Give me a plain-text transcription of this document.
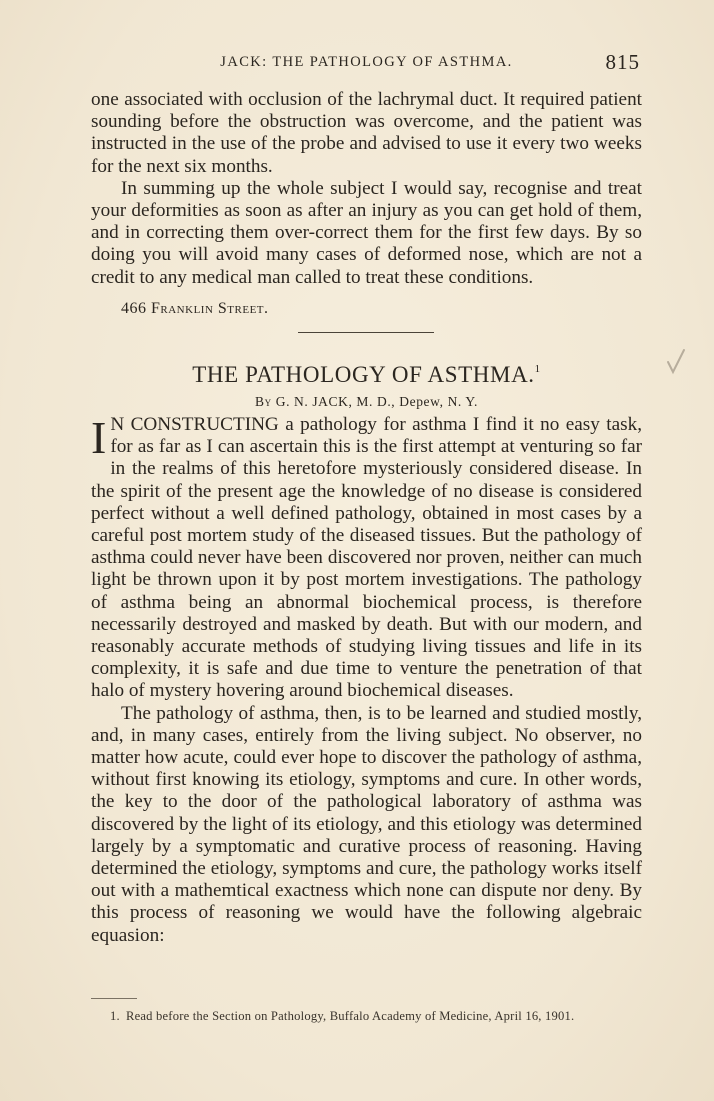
JACK: THE PATHOLOGY OF ASTHMA.	815

one associated with occlusion of the lachrymal duct. It required patient sounding before the obstruction was overcome, and the patient was instructed in the use of the probe and advised to use it every two weeks for the next six months.

In summing up the whole subject I would say, recognise and treat your deformities as soon as after an injury as you can get hold of them, and in correcting them over-correct them for the first few days. By so doing you will avoid many cases of deformed nose, which are not a credit to any medical man called to treat these conditions.

466 Franklin Street.
THE PATHOLOGY OF ASTHMA.$^1$
By G. N. JACK, M. D., Depew, N. Y.

I N CONSTRUCTING a pathology for asthma I find it no easy task, for as far as I can ascertain this is the first attempt at venturing so far in the realms of this heretofore mysteriously considered disease. In the spirit of the present age the knowledge of no disease is considered perfect without a well defined pathology, obtained in most cases by a careful post mortem study of the diseased tissues. But the pathology of asthma could never have been discovered nor proven, neither can much light be thrown upon it by post mortem investigations. The pathology of asthma being an abnormal biochemical process, is therefore necessarily destroyed and masked by death. But with our modern, and reasonably accurate methods of studying living tissues and life in its complexity, it is safe and due time to venture the penetration of that halo of mystery hovering around biochemical diseases.

The pathology of asthma, then, is to be learned and studied mostly, and, in many cases, entirely from the living subject. No observer, no matter how acute, could ever hope to discover the pathology of asthma, without first knowing its etiology, symptoms and cure. In other words, the key to the door of the pathological laboratory of asthma was discovered by the light of its etiology, and this etiology was determined largely by a symptomatic and curative process of reasoning. Having determined the etiology, symptoms and cure, the pathology works itself out with a mathemtical exactness which none can dispute nor deny. By this process of reasoning we would have the following algebraic equasion:

1. Read before the Section on Pathology, Buffalo Academy of Medicine, April 16, 1901.
